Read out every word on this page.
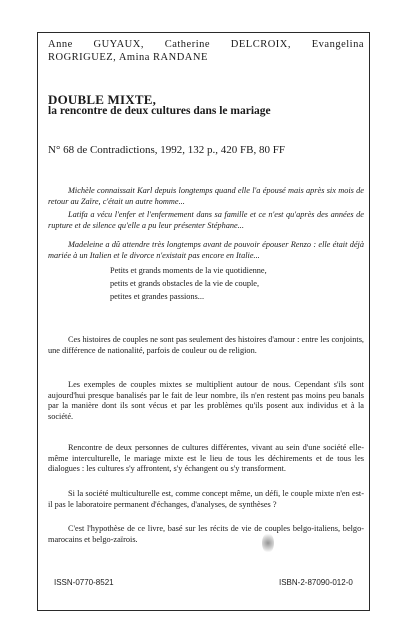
Anne GUYAUX, Catherine DELCROIX, Evangelina ROGRIGUEZ, Amina RANDANE
DOUBLE MIXTE,
la rencontre de deux cultures dans le mariage
N° 68 de Contradictions, 1992, 132 p., 420 FB, 80 FF
Michèle connaissait Karl depuis longtemps quand elle l'a épousé mais après six mois de retour au Zaïre, c'était un autre homme...
Latifa a vécu l'enfer et l'enfermement dans sa famille et ce n'est qu'après des années de rupture et de silence qu'elle a pu leur présenter Stéphane...
Madeleine a dû attendre très longtemps avant de pouvoir épouser Renzo : elle était déjà mariée à un Italien et le divorce n'existait pas encore en Italie...
Petits et grands moments de la vie quotidienne,
petits et grands obstacles de la vie de couple,
petites et grandes passions...
Ces histoires de couples ne sont pas seulement des histoires d'amour : entre les conjoints, une différence de nationalité, parfois de couleur ou de religion.
Les exemples de couples mixtes se multiplient autour de nous. Cependant s'ils sont aujourd'hui presque banalisés par le fait de leur nombre, ils n'en restent pas moins peu banals par la manière dont ils sont vécus et par les problèmes qu'ils posent aux individus et à la société.
Rencontre de deux personnes de cultures différentes, vivant au sein d'une société elle-même interculturelle, le mariage mixte est le lieu de tous les déchirements et de tous les dialogues : les cultures s'y affrontent, s'y échangent ou s'y transforment.
Si la société multiculturelle est, comme concept même, un défi, le couple mixte n'en est-il pas le laboratoire permanent d'échanges, d'analyses, de synthèses ?
C'est l'hypothèse de ce livre, basé sur les récits de vie de couples belgo-italiens, belgo-marocains et belgo-zaïrois.
ISSN-0770-8521	ISBN-2-87090-012-0
